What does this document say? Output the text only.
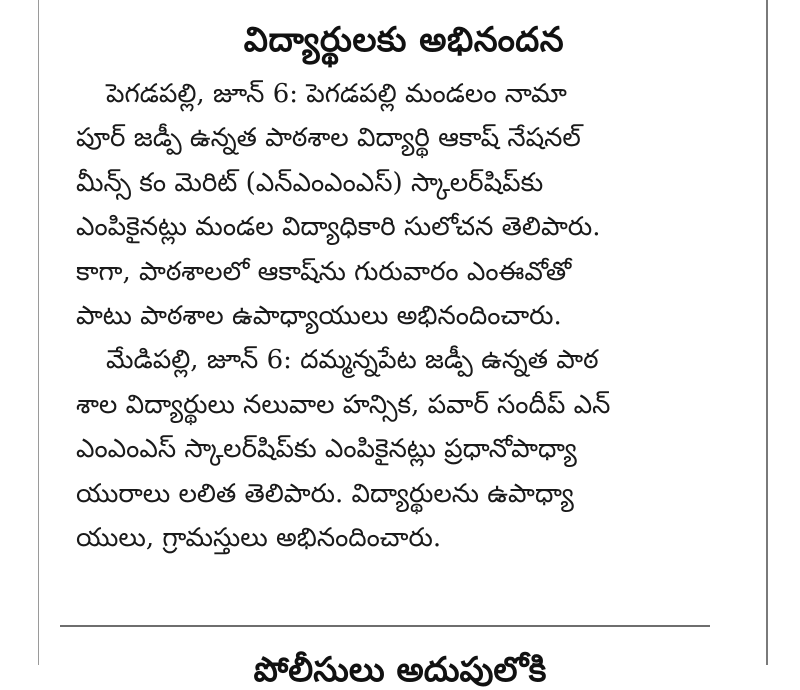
విద్యార్థులకు అభినందన
పెగడపల్లి, జూన్ 6: పెగడపల్లి మండలం నామా
పూర్ జడ్పీ ఉన్నత పాఠశాల విద్యార్థి ఆకాష్ నేషనల్
మీన్స్ కం మెరిట్ (ఎన్‌ఎంఎంఎస్) స్కాలర్‌షిప్‌కు
ఎంపికైనట్లు మండల విద్యాధికారి సులోచన తెలిపారు.
కాగా, పాఠశాలలో ఆకాష్‌ను గురువారం ఎంఈవోతో
పాటు పాఠశాల ఉపాధ్యాయులు అభినందించారు.
మేడిపల్లి, జూన్ 6: దమ్మన్నపేట జడ్పీ ఉన్నత పాఠ
శాల విద్యార్థులు నలువాల హన్సిక, పవార్ సందీప్ ఎన్
ఎంఎంఎస్ స్కాలర్‌షిప్‌కు ఎంపికైనట్లు ప్రధానోపాధ్యా
యురాలు లలిత తెలిపారు. విద్యార్థులను ఉపాధ్యా
యులు, గ్రామస్తులు అభినందించారు.
పోలీసులు అదుపులోకి
